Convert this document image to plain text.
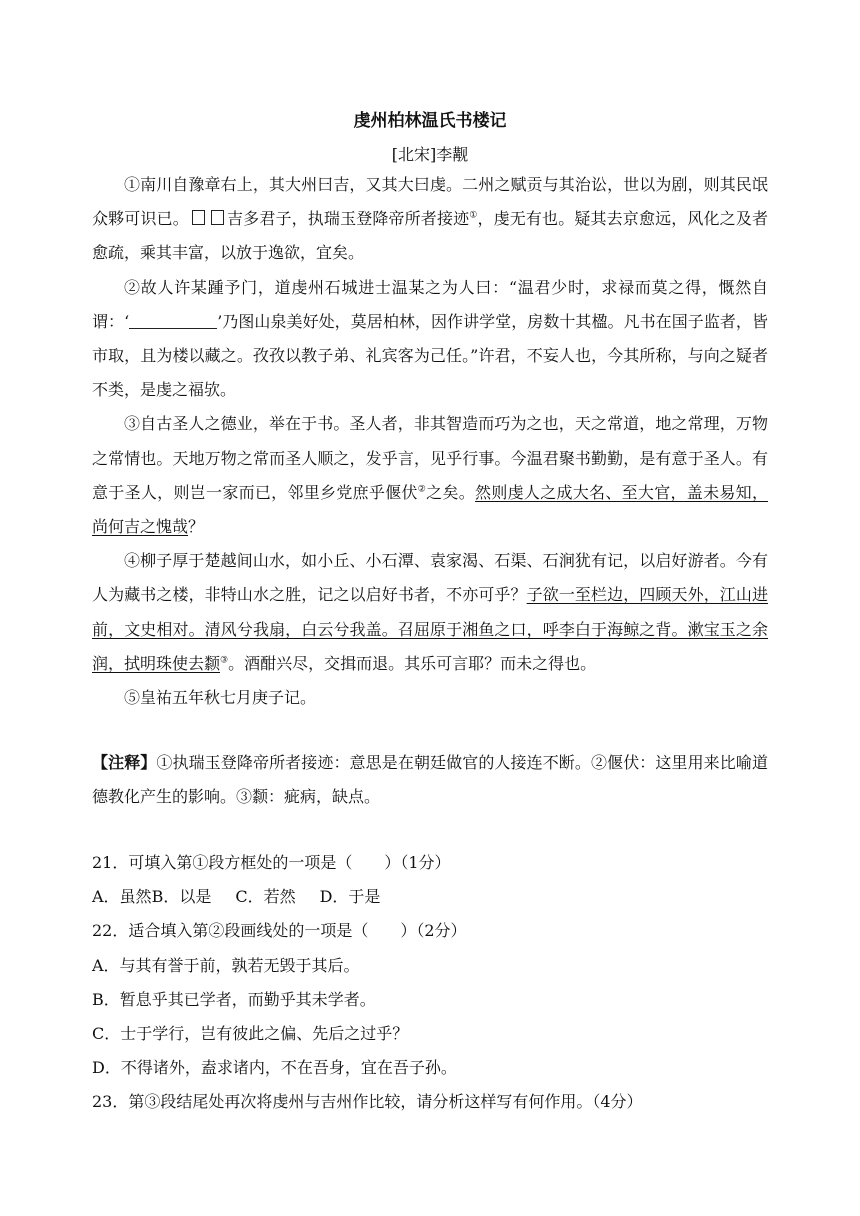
虔州柏林温氏书楼记
[北宋]李觏

①南川自豫章右上，其大州曰吉，又其大曰虔。二州之赋贡与其治讼，世以为剧，则其民氓众夥可识已。 吉多君子，执瑞玉登降帝所者接迹①，虔无有也。疑其去京愈远，风化之及者愈疏，乘其丰富，以放于逸欲，宜矣。

②故人许某踵予门，道虔州石城进士温某之为人曰：“温君少时，求禄而莫之得，慨然自谓：‘	’乃图山泉美好处，莫居柏林，因作讲学堂，房数十其楹。凡书在国子监者，皆市取，且为楼以藏之。孜孜以教子弟、礼宾客为己任。”许君，不妄人也，今其所称，与向之疑者不类，是虔之福欤。

③自古圣人之德业，举在于书。圣人者，非其智造而巧为之也，天之常道，地之常理，万物之常情也。天地万物之常而圣人顺之，发乎言，见乎行事。今温君聚书勤勤，是有意于圣人。有意于圣人，则岂一家而已，邻里乡党庶乎偃伏②之矣。然则虔人之成大名、至大官，盖未易知，尚何吉之愧哉？

④柳子厚于楚越间山水，如小丘、小石潭、袁家渴、石渠、石涧犹有记，以启好游者。今有人为藏书之楼，非特山水之胜，记之以启好书者，不亦可乎？子欲一至栏边，四顾天外，江山进前，文史相对。清风兮我扇，白云兮我盖。召屈原于湘鱼之口，呼李白于海鲸之背。漱宝玉之余润，拭明珠使去颣③。酒酣兴尽，交揖而退。其乐可言耶？而未之得也。

⑤皇祐五年秋七月庚子记。

【注释】①执瑞玉登降帝所者接迹：意思是在朝廷做官的人接连不断。②偃伏：这里用来比喻道德教化产生的影响。③颣：疵病，缺点。
21．可填入第①段方框处的一项是（　　）（1分）
A．虽然B．以是 C．若然 D．于是
22．适合填入第②段画线处的一项是（　　）（2分）
A．与其有誉于前，孰若无毁于其后。
B．暂息乎其已学者，而勤乎其未学者。
C．士于学行，岂有彼此之偏、先后之过乎？
D．不得诸外，盍求诸内，不在吾身，宜在吾子孙。
23．第③段结尾处再次将虔州与吉州作比较，请分析这样写有何作用。（4分）
